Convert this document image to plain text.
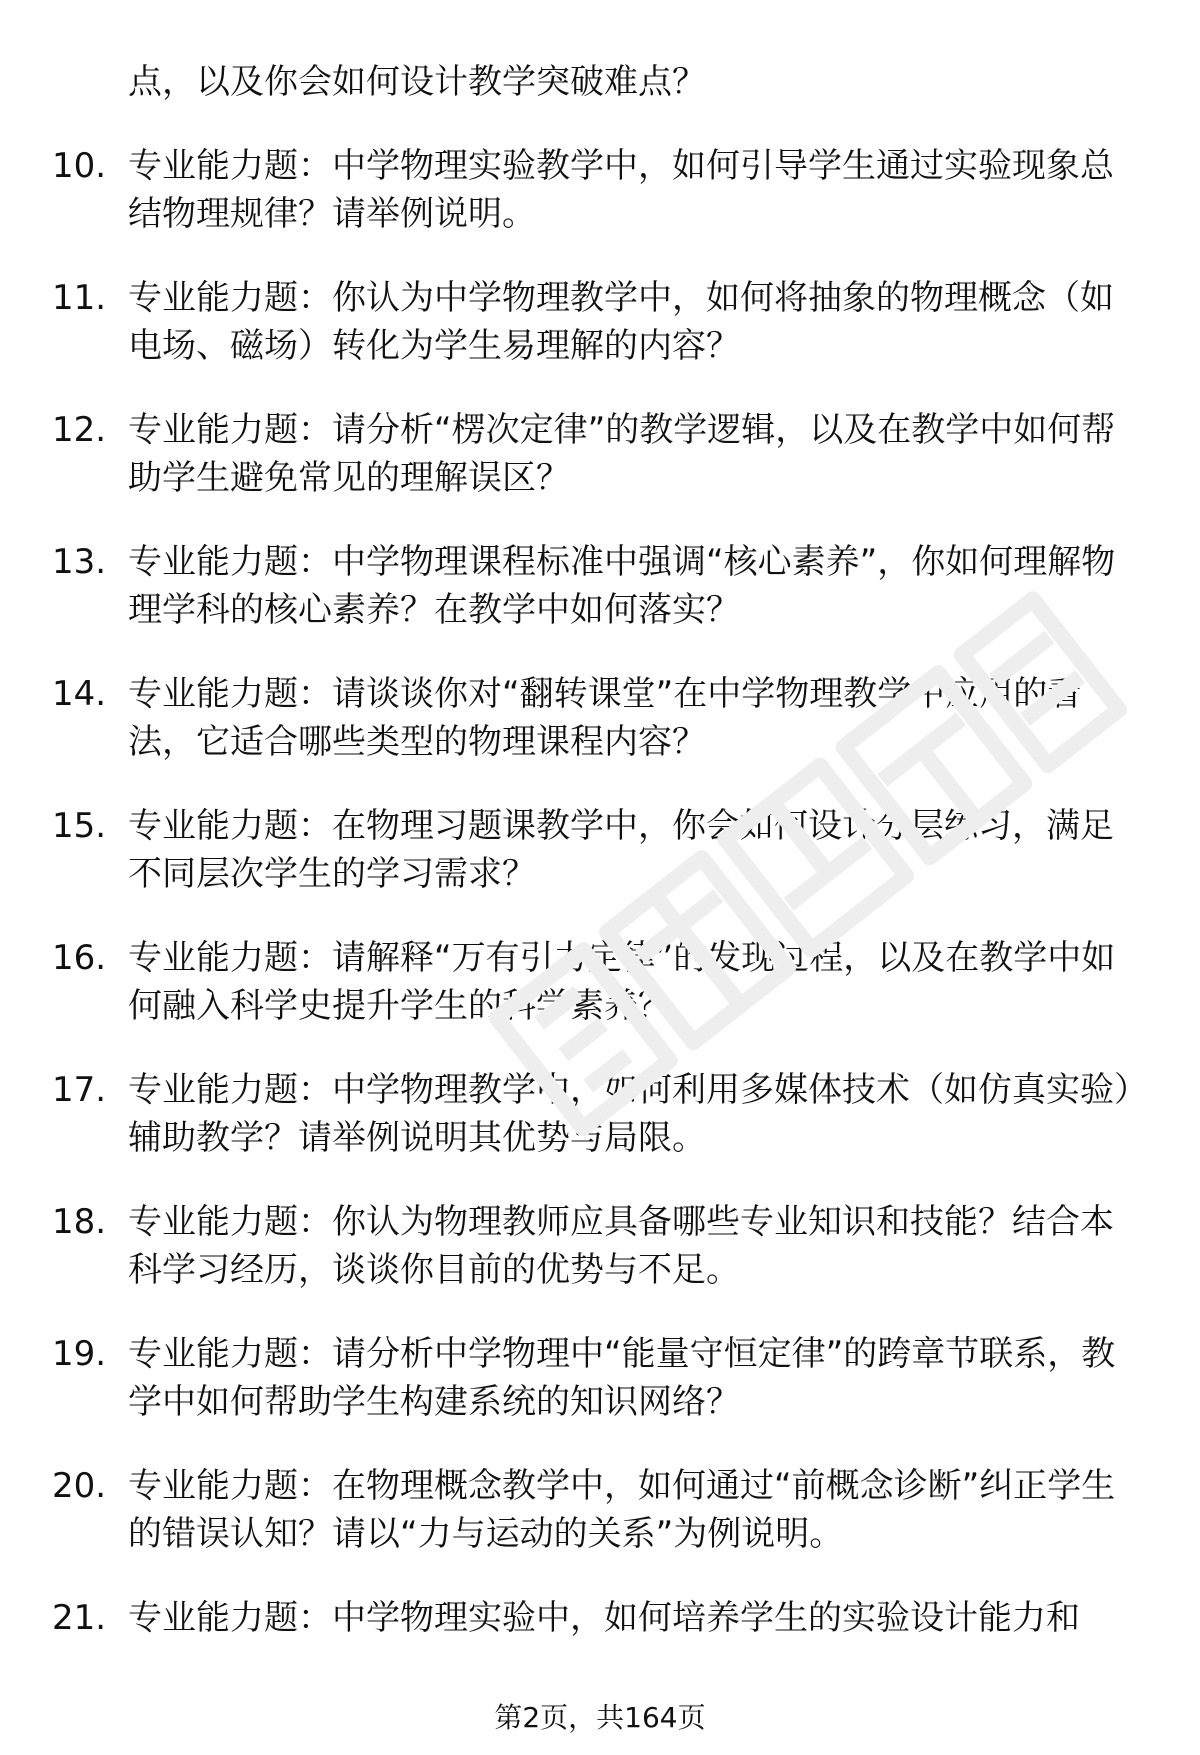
点，以及你会如何设计教学突破难点？

10. 专业能力题：中学物理实验教学中，如何引导学生通过实验现象总结物理规律？请举例说明。

11. 专业能力题：你认为中学物理教学中，如何将抽象的物理概念（如电场、磁场）转化为学生易理解的内容？

12. 专业能力题：请分析“楞次定律”的教学逻辑，以及在教学中如何帮助学生避免常见的理解误区？

13. 专业能力题：中学物理课程标准中强调“核心素养”，你如何理解物理学科的核心素养？在教学中如何落实？

14. 专业能力题：请谈谈你对“翻转课堂”在中学物理教学中应用的看法，它适合哪些类型的物理课程内容？

15. 专业能力题：在物理习题课教学中，你会如何设计分层练习，满足不同层次学生的学习需求？

16. 专业能力题：请解释“万有引力定律”的发现过程，以及在教学中如何融入科学史提升学生的科学素养？

17. 专业能力题：中学物理教学中，如何利用多媒体技术（如仿真实验）辅助教学？请举例说明其优势与局限。

18. 专业能力题：你认为物理教师应具备哪些专业知识和技能？结合本科学习经历，谈谈你目前的优势与不足。

19. 专业能力题：请分析中学物理中“能量守恒定律”的跨章节联系，教学中如何帮助学生构建系统的知识网络？

20. 专业能力题：在物理概念教学中，如何通过“前概念诊断”纠正学生的错误认知？请以“力与运动的关系”为例说明。

21. 专业能力题：中学物理实验中，如何培养学生的实验设计能力和

第2页，共164页
